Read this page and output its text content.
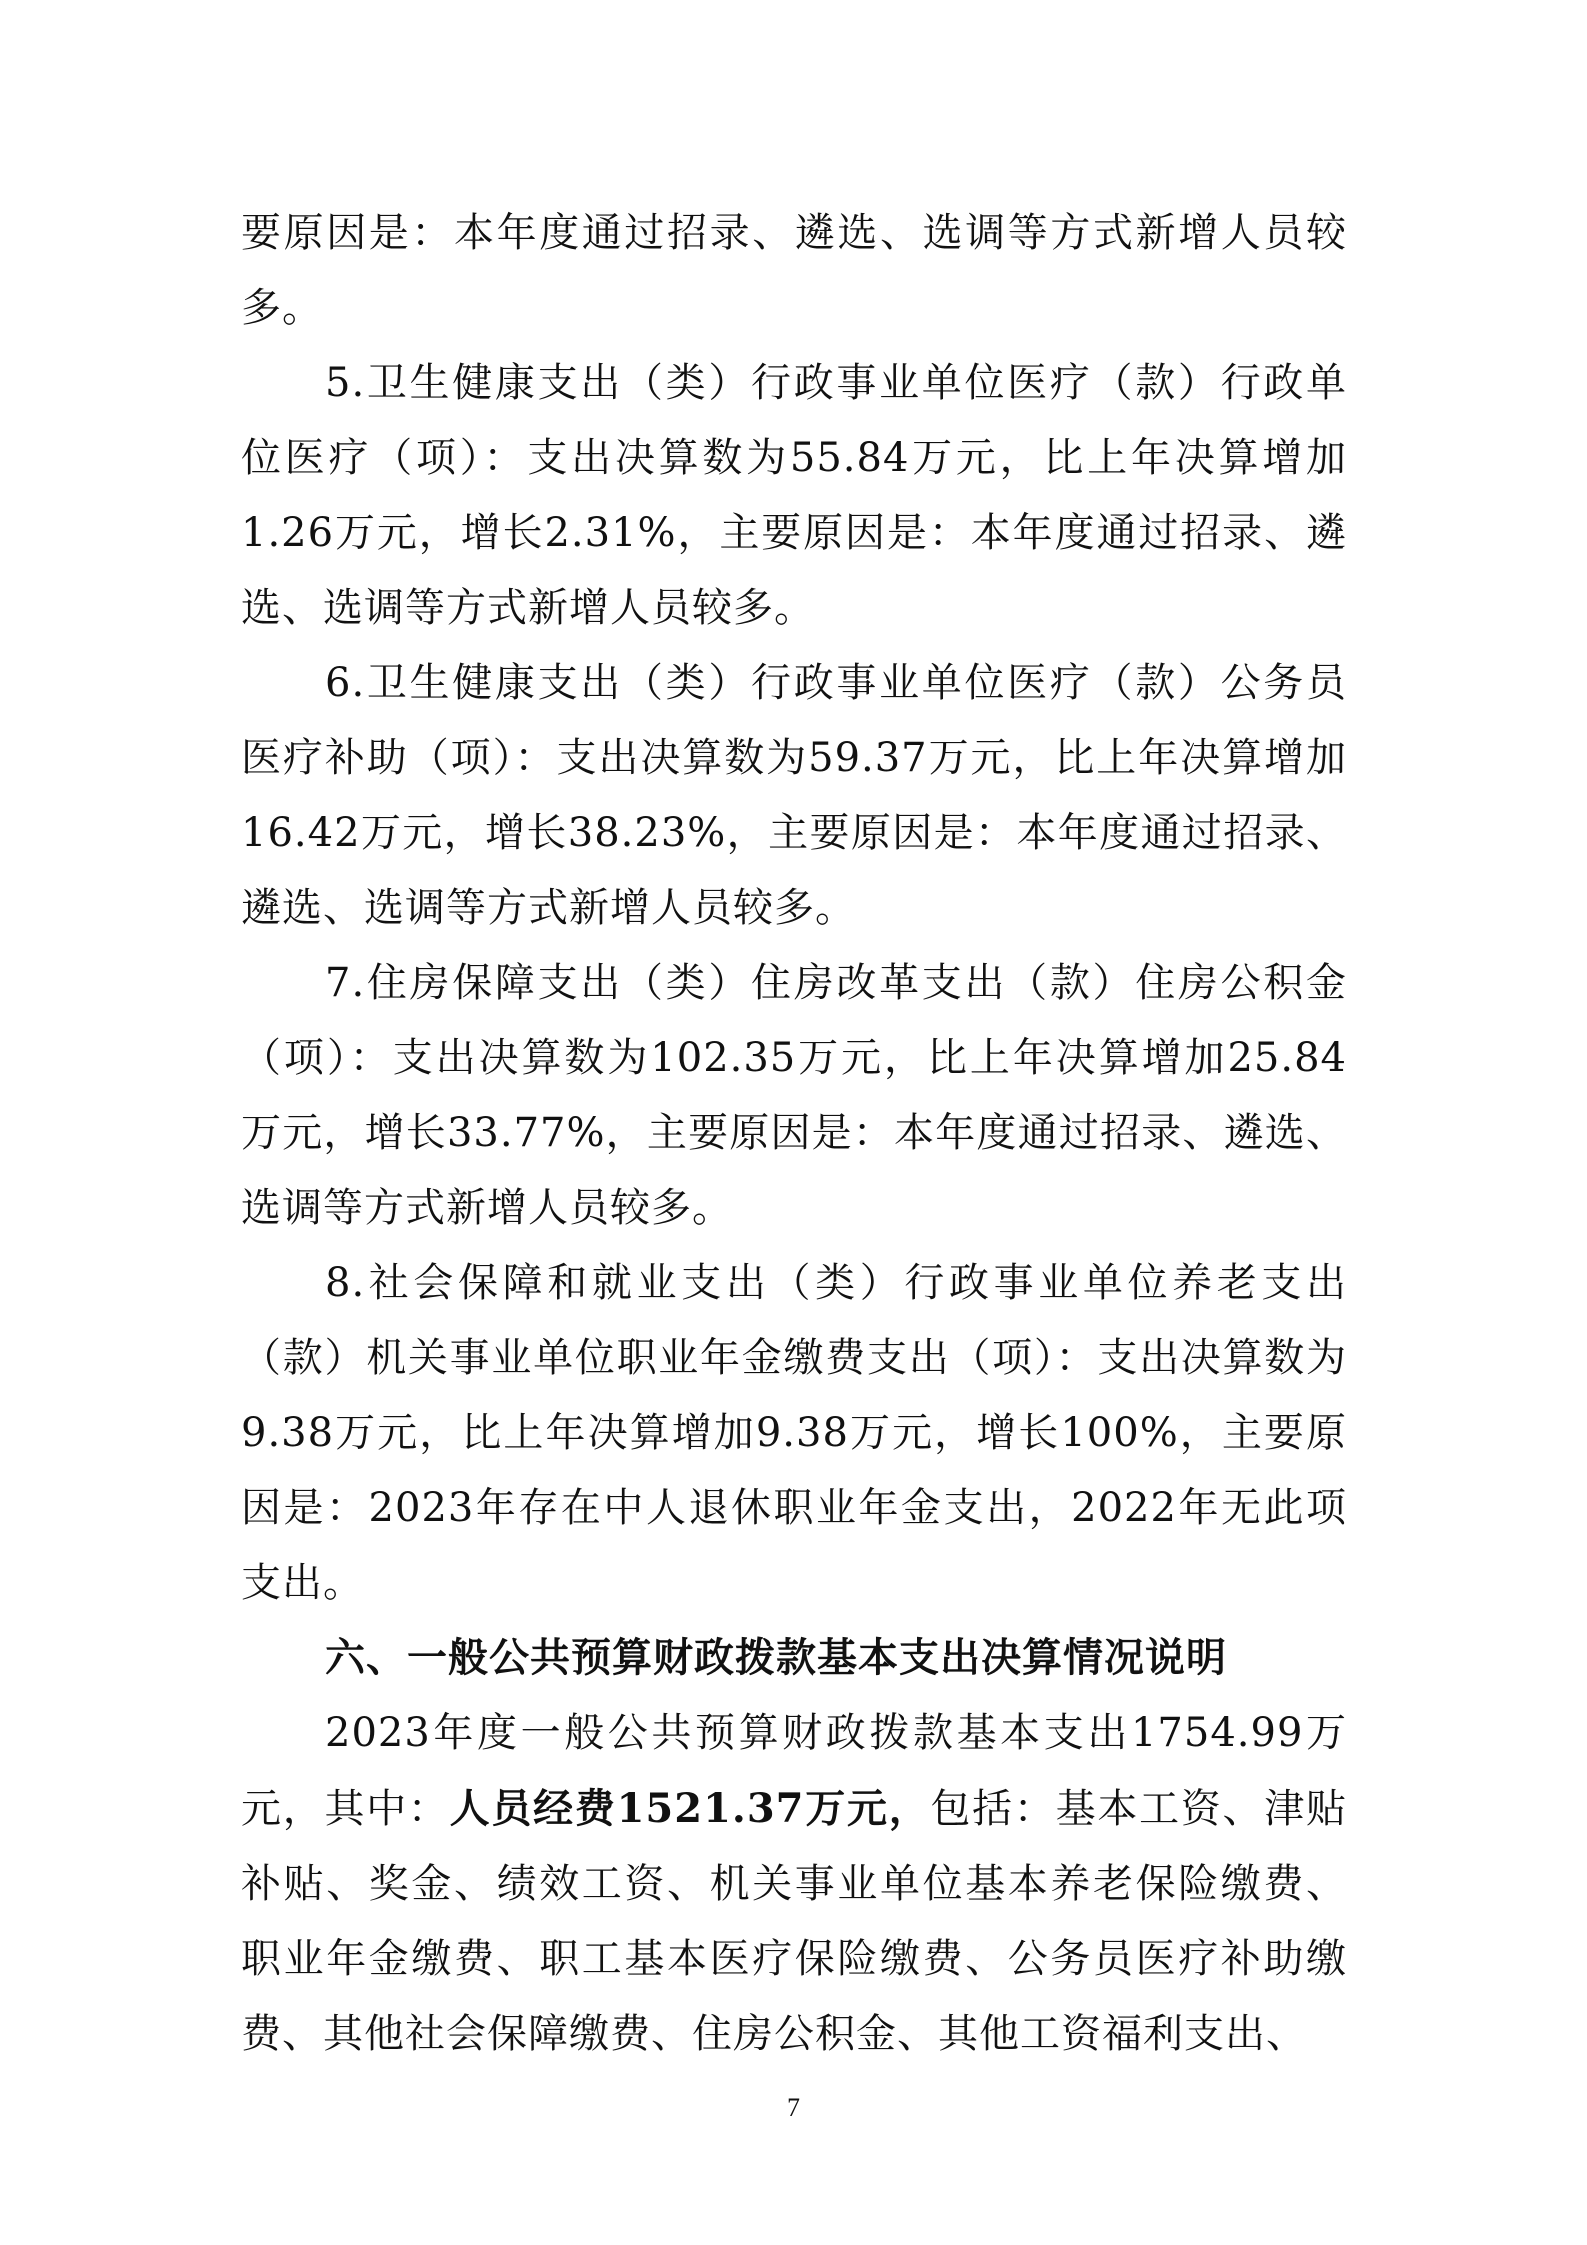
要原因是：本年度通过招录、遴选、选调等方式新增人员较多。

5.卫生健康支出（类）行政事业单位医疗（款）行政单位医疗（项）：支出决算数为55.84万元，比上年决算增加1.26万元，增长2.31%，主要原因是：本年度通过招录、遴选、选调等方式新增人员较多。

6.卫生健康支出（类）行政事业单位医疗（款）公务员医疗补助（项）：支出决算数为59.37万元，比上年决算增加16.42万元，增长38.23%，主要原因是：本年度通过招录、遴选、选调等方式新增人员较多。

7.住房保障支出（类）住房改革支出（款）住房公积金（项）：支出决算数为102.35万元，比上年决算增加25.84万元，增长33.77%，主要原因是：本年度通过招录、遴选、选调等方式新增人员较多。

8.社会保障和就业支出（类）行政事业单位养老支出（款）机关事业单位职业年金缴费支出（项）：支出决算数为9.38万元，比上年决算增加9.38万元，增长100%，主要原因是：2023年存在中人退休职业年金支出，2022年无此项支出。

六、一般公共预算财政拨款基本支出决算情况说明

2023年度一般公共预算财政拨款基本支出1754.99万元，其中：人员经费1521.37万元，包括：基本工资、津贴补贴、奖金、绩效工资、机关事业单位基本养老保险缴费、职业年金缴费、职工基本医疗保险缴费、公务员医疗补助缴费、其他社会保障缴费、住房公积金、其他工资福利支出、

7
